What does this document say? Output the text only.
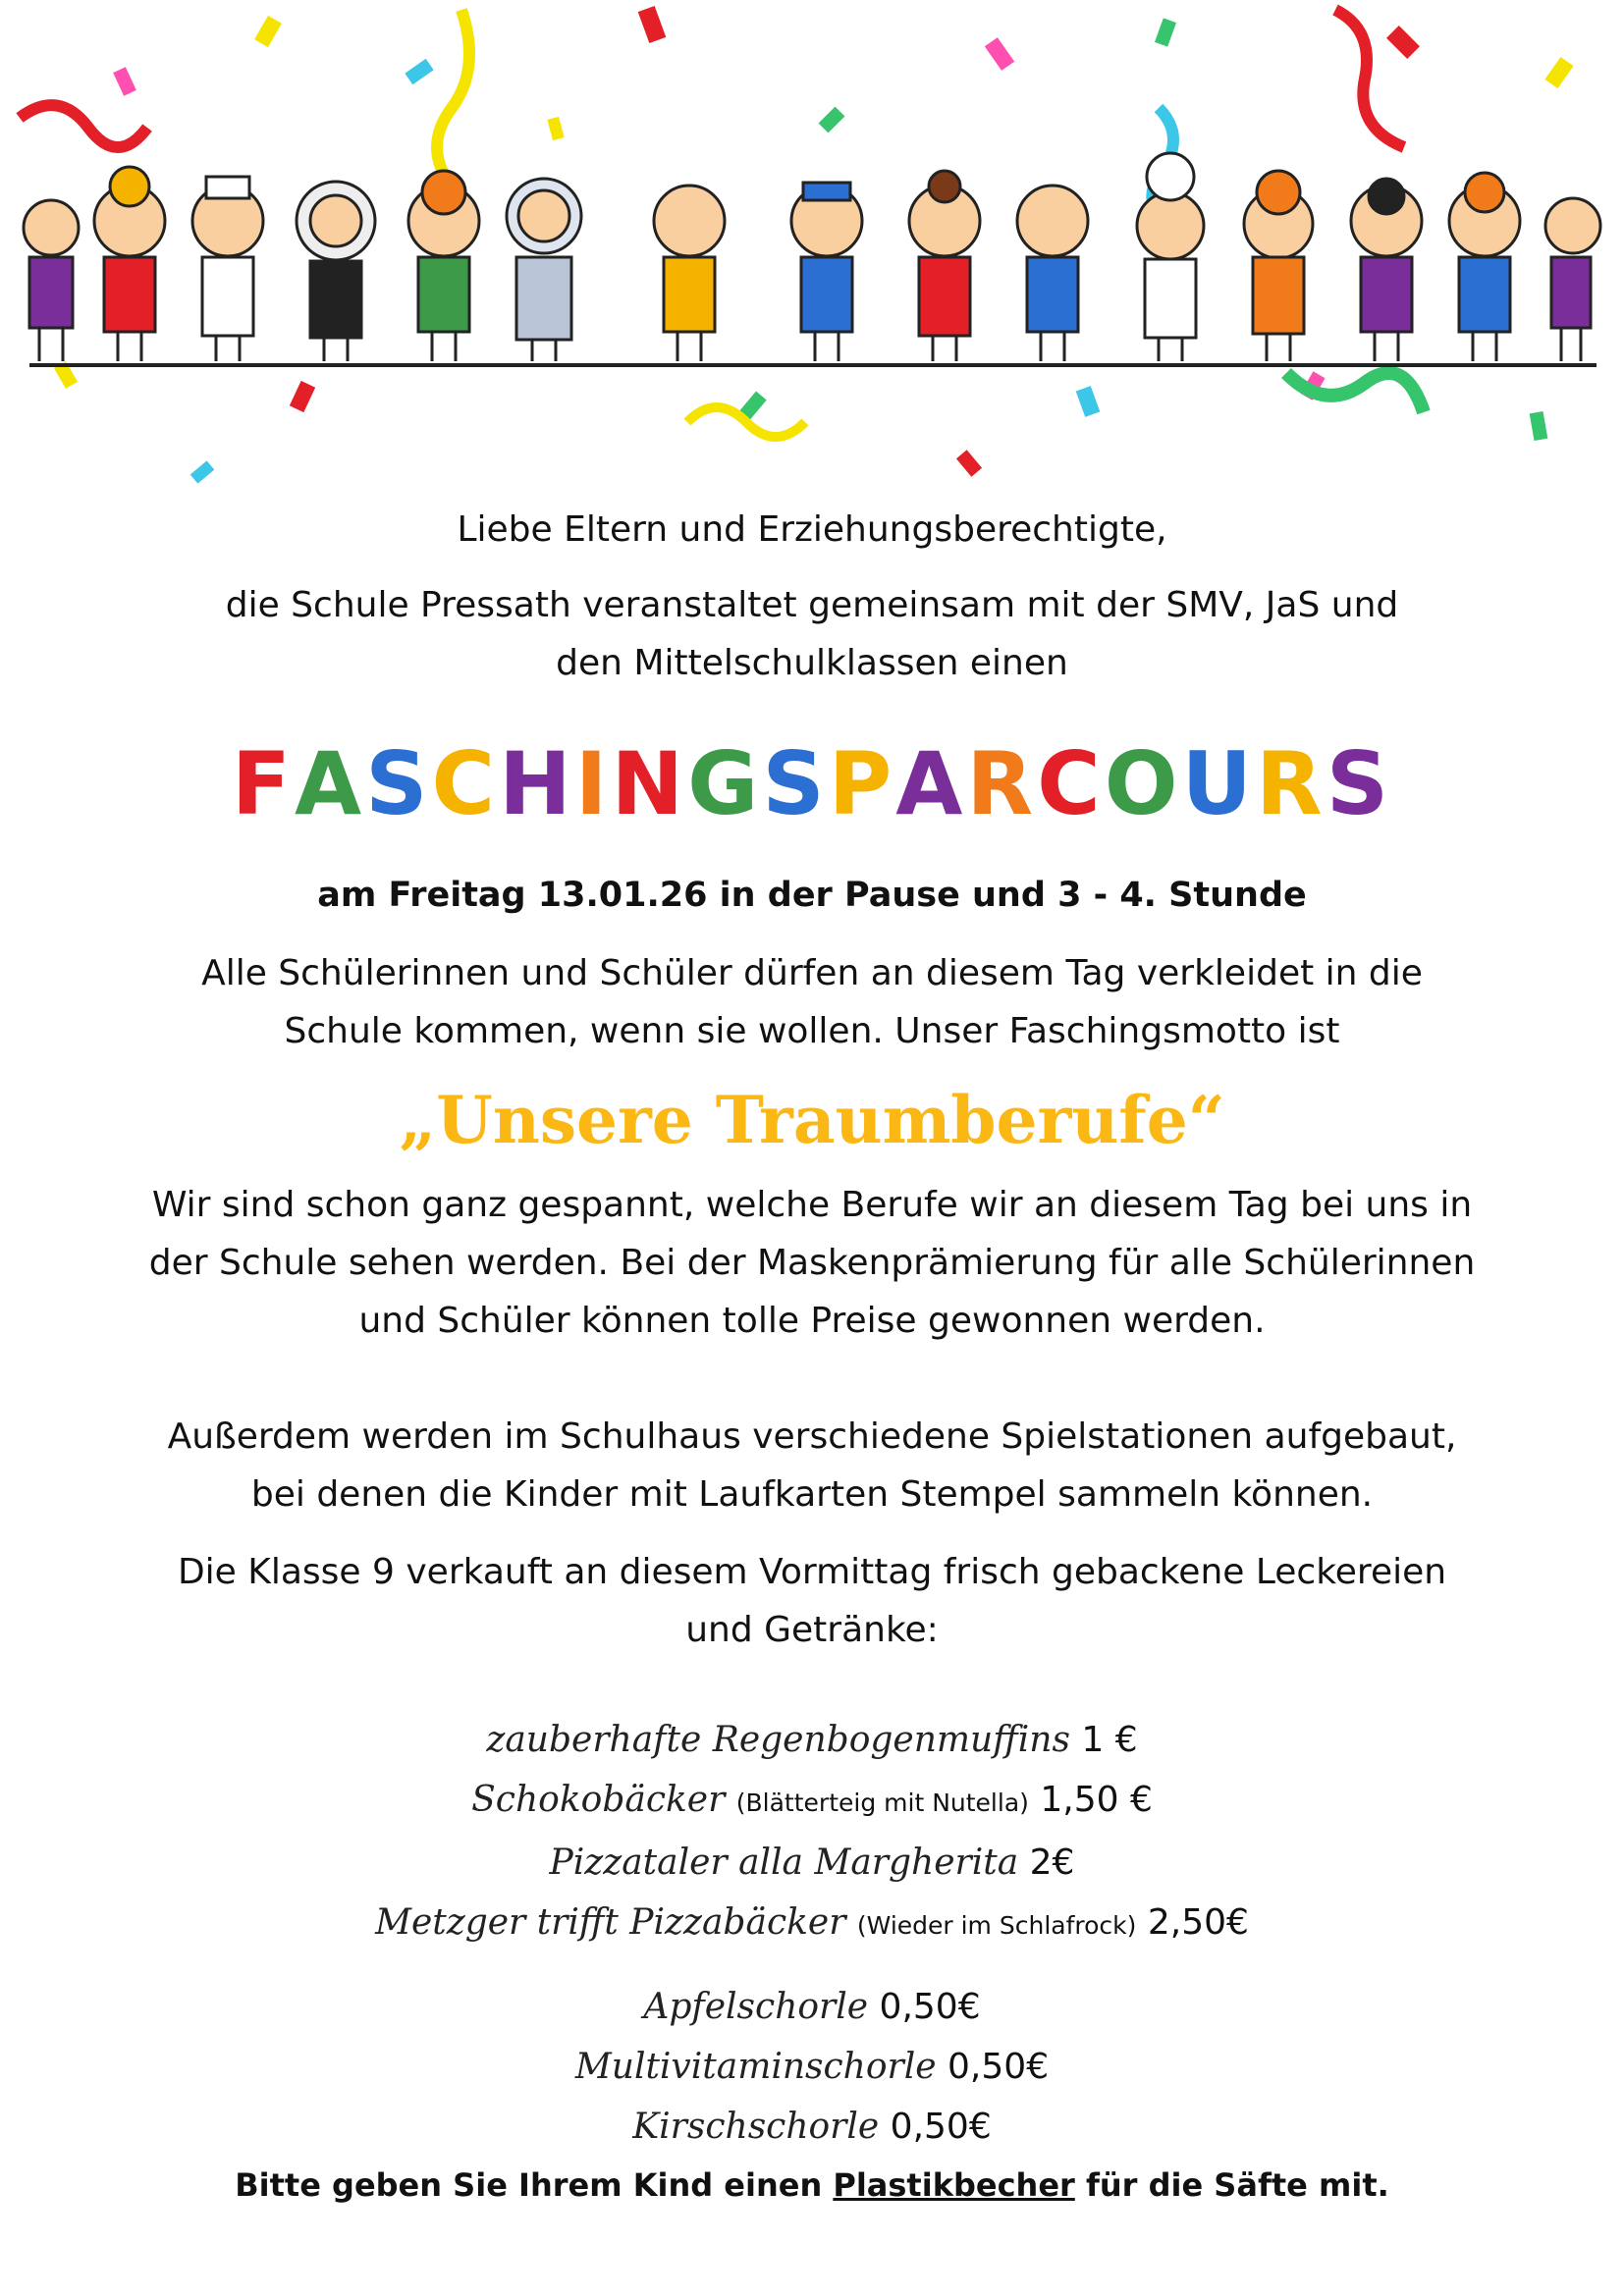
Liebe Eltern und Erziehungsberechtigte,

die Schule Pressath veranstaltet gemeinsam mit der SMV, JaS und

den Mittelschulklassen einen

FASCHINGSPARCOURS

am Freitag 13.01.26 in der Pause und 3 - 4. Stunde

Alle Schülerinnen und Schüler dürfen an diesem Tag verkleidet in die

Schule kommen, wenn sie wollen. Unser Faschingsmotto ist

„Unsere Traumberufe“

Wir sind schon ganz gespannt, welche Berufe wir an diesem Tag bei uns in

der Schule sehen werden. Bei der Maskenprämierung für alle Schülerinnen

und Schüler können tolle Preise gewonnen werden.

Außerdem werden im Schulhaus verschiedene Spielstationen aufgebaut,

bei denen die Kinder mit Laufkarten Stempel sammeln können.

Die Klasse 9 verkauft an diesem Vormittag frisch gebackene Leckereien

und Getränke:

zauberhafte Regenbogenmuffins 1 €
Schokobäcker (Blätterteig mit Nutella) 1,50 €
Pizzataler alla Margherita 2€
Metzger trifft Pizzabäcker (Wieder im Schlafrock) 2,50€
Apfelschorle 0,50€
Multivitaminschorle 0,50€
Kirschschorle 0,50€

Bitte geben Sie Ihrem Kind einen Plastikbecher für die Säfte mit.
